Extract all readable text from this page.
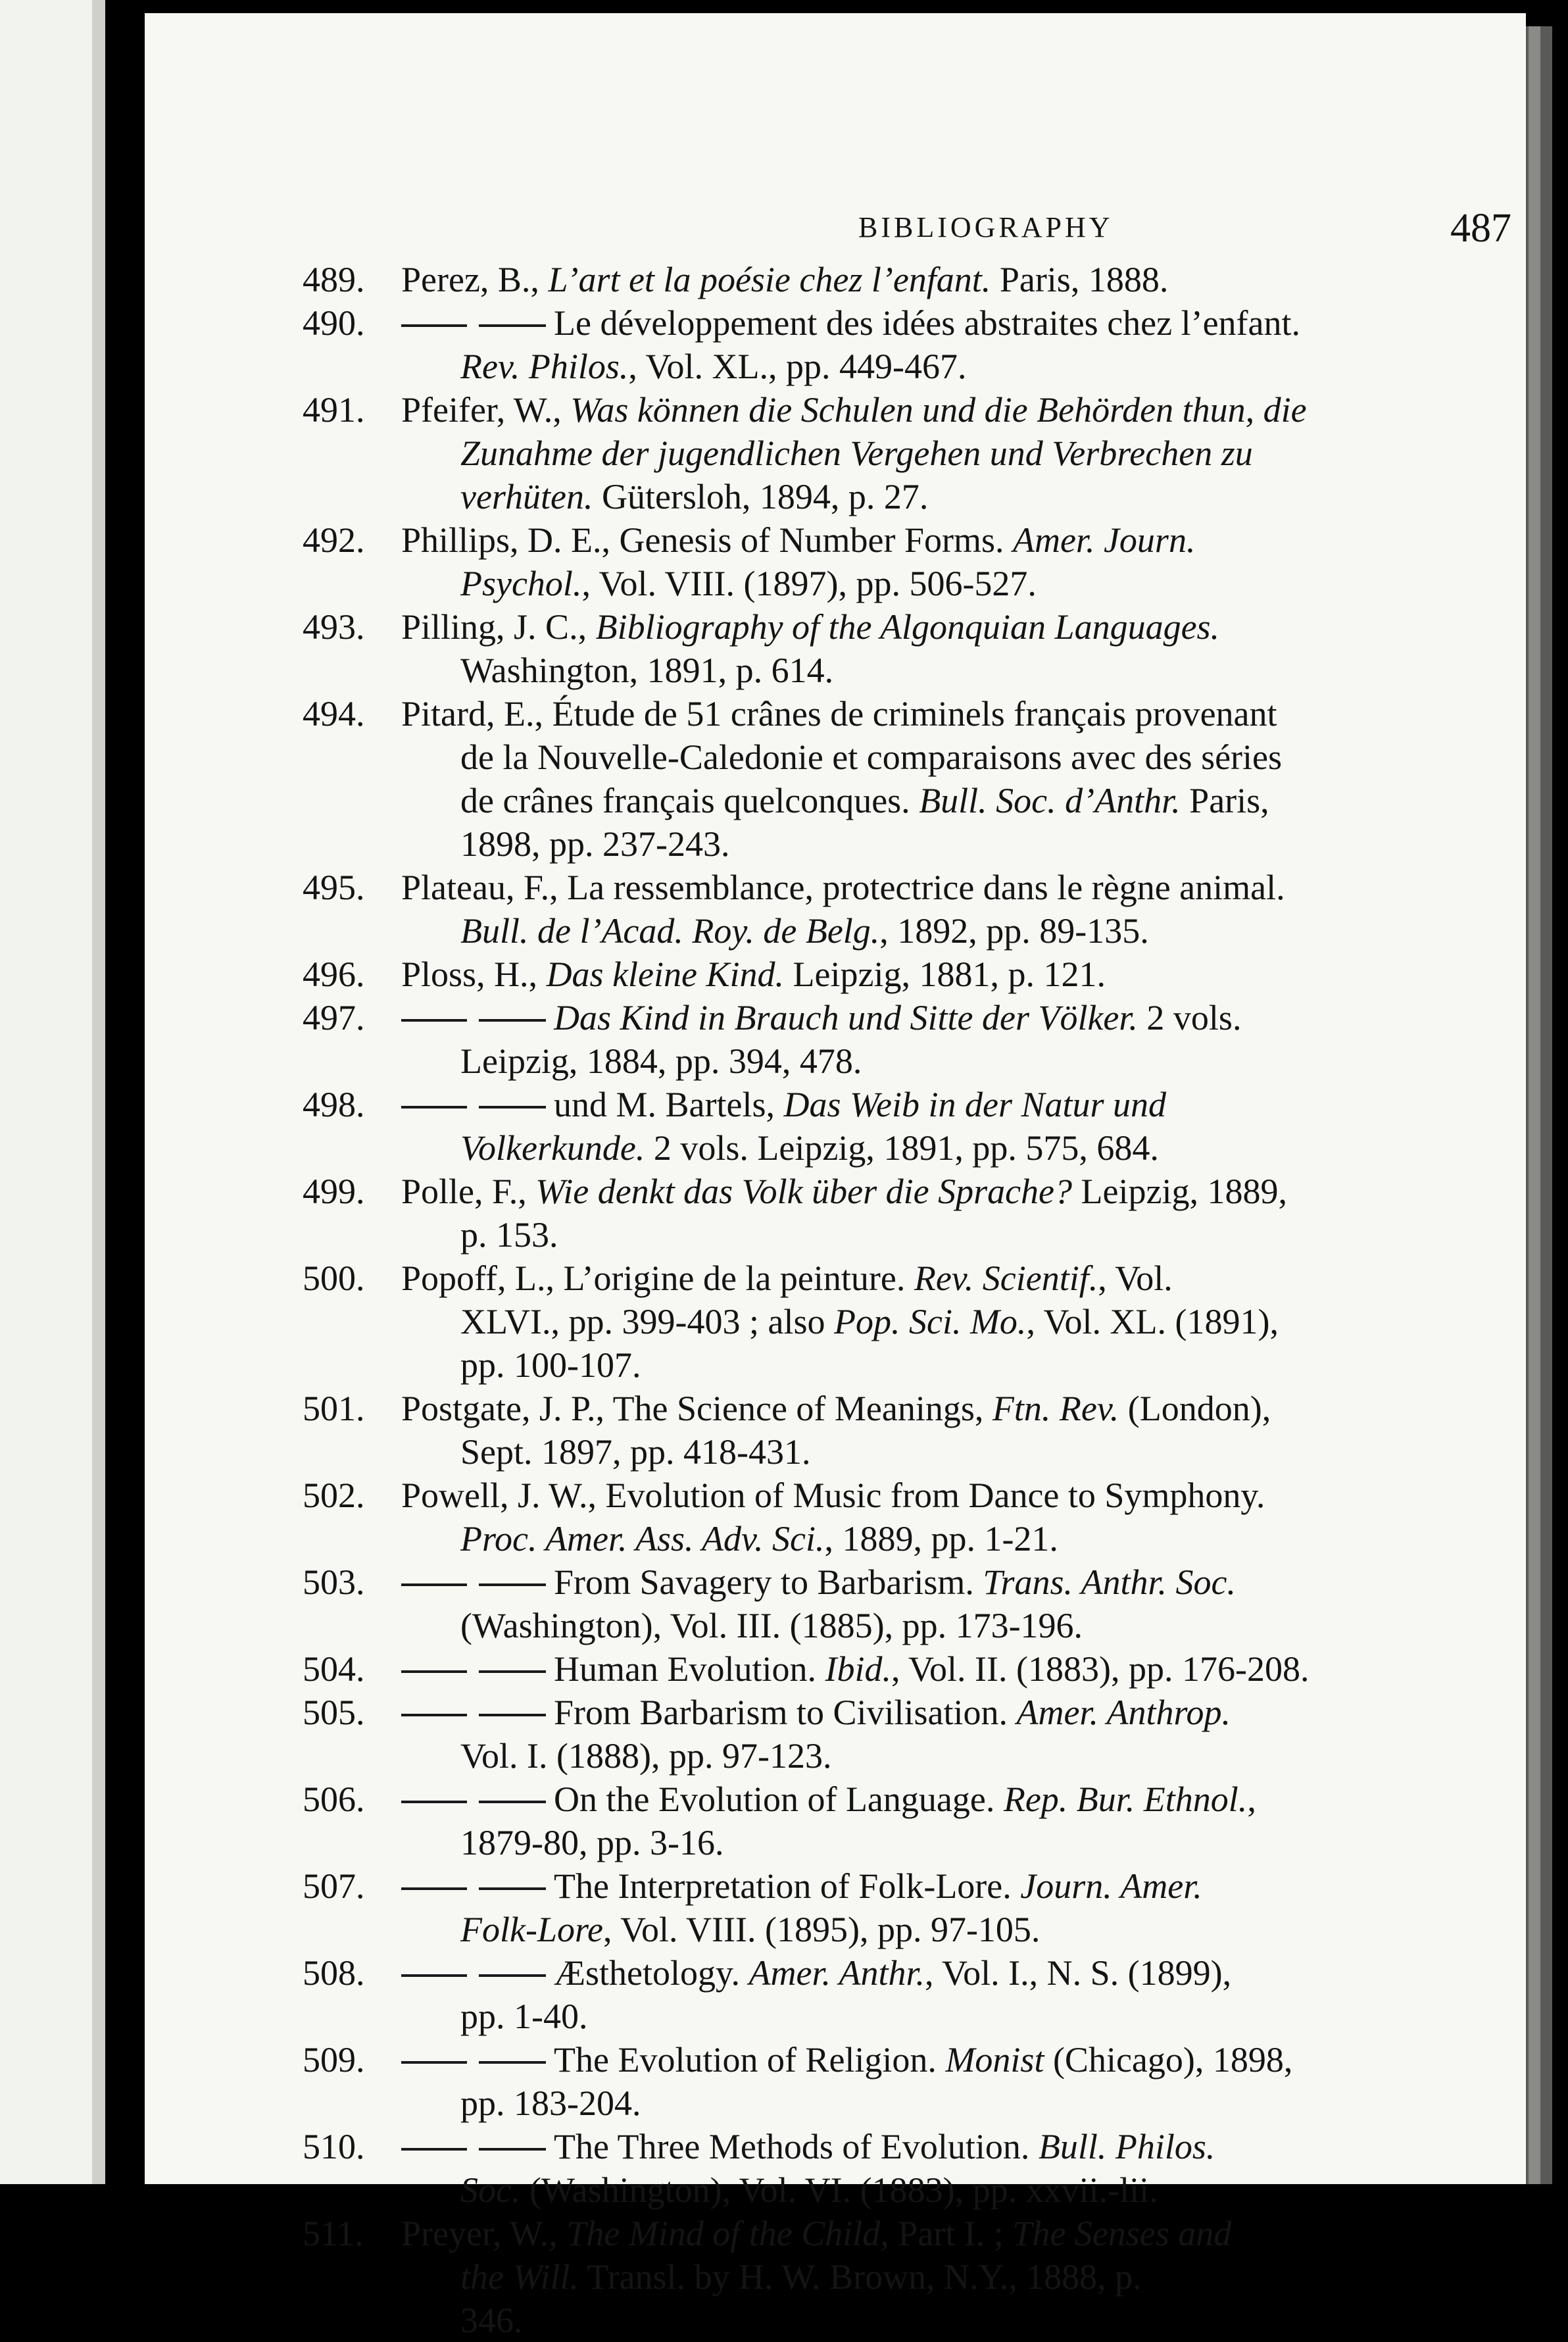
BIBLIOGRAPHY	487
489. Perez, B., L’art et la poésie chez l’enfant. Paris, 1888.
490.	Le développement des idées abstraites chez l’enfant.
Rev. Philos., Vol. XL., pp. 449-467.
491. Pfeifer, W., Was können die Schulen und die Behörden thun, die
Zunahme der jugendlichen Vergehen und Verbrechen zu
verhüten. Gütersloh, 1894, p. 27.
492. Phillips, D. E., Genesis of Number Forms. Amer. Journ.
Psychol., Vol. VIII. (1897), pp. 506-527.
493. Pilling, J. C., Bibliography of the Algonquian Languages.
Washington, 1891, p. 614.
494. Pitard, E., Étude de 51 crânes de criminels français provenant
de la Nouvelle-Caledonie et comparaisons avec des séries
de crânes français quelconques. Bull. Soc. d’Anthr. Paris,
1898, pp. 237-243.
495. Plateau, F., La ressemblance, protectrice dans le règne animal.
Bull. de l’Acad. Roy. de Belg., 1892, pp. 89-135.
496. Ploss, H., Das kleine Kind. Leipzig, 1881, p. 121.
497.	Das Kind in Brauch und Sitte der Völker. 2 vols.
Leipzig, 1884, pp. 394, 478.
498.	und M. Bartels, Das Weib in der Natur und
Volkerkunde. 2 vols. Leipzig, 1891, pp. 575, 684.
499. Polle, F., Wie denkt das Volk über die Sprache? Leipzig, 1889,
p. 153.
500. Popoff, L., L’origine de la peinture. Rev. Scientif., Vol.
XLVI., pp. 399-403 ; also Pop. Sci. Mo., Vol. XL. (1891),
pp. 100-107.
501. Postgate, J. P., The Science of Meanings, Ftn. Rev. (London),
Sept. 1897, pp. 418-431.
502. Powell, J. W., Evolution of Music from Dance to Symphony.
Proc. Amer. Ass. Adv. Sci., 1889, pp. 1-21.
503.	From Savagery to Barbarism. Trans. Anthr. Soc.
(Washington), Vol. III. (1885), pp. 173-196.
504.	Human Evolution. Ibid., Vol. II. (1883), pp. 176-208.
505.	From Barbarism to Civilisation. Amer. Anthrop.
Vol. I. (1888), pp. 97-123.
506.	On the Evolution of Language. Rep. Bur. Ethnol.,
1879-80, pp. 3-16.
507.	The Interpretation of Folk-Lore. Journ. Amer.
Folk-Lore, Vol. VIII. (1895), pp. 97-105.
508.	Æsthetology. Amer. Anthr., Vol. I., N. S. (1899),
pp. 1-40.
509.	The Evolution of Religion. Monist (Chicago), 1898,
pp. 183-204.
510.	The Three Methods of Evolution. Bull. Philos.
Soc. (Washington), Vol. VI. (1883), pp. xxvii.-lii.
511. Preyer, W., The Mind of the Child, Part I. ; The Senses and
the Will. Transl. by H. W. Brown, N.Y., 1888, p.
346.
